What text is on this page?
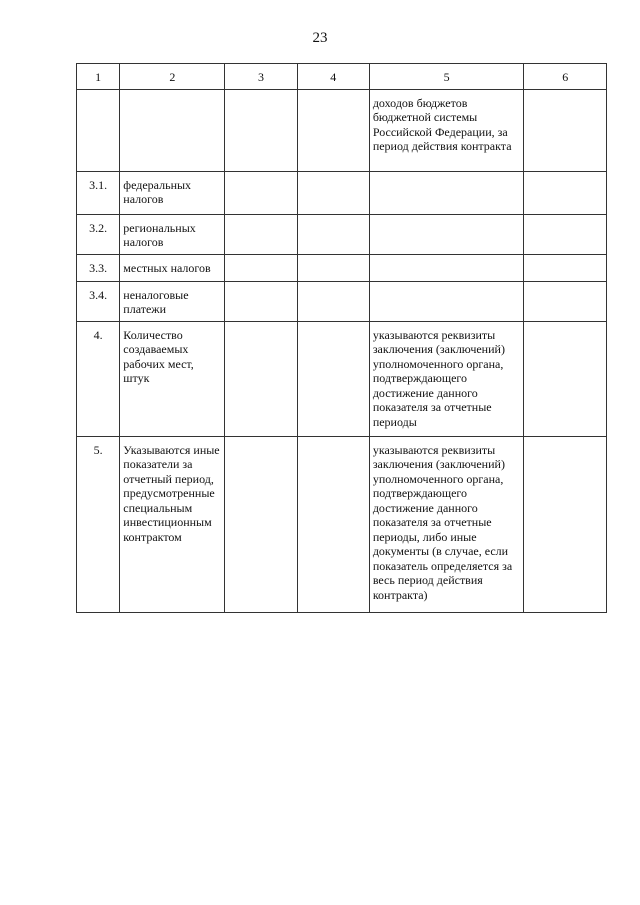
23
1	2	3	4	5	6
				доходов бюджетов бюджетной системы Российской Федерации, за период действия контракта	
3.1.	федеральных налогов				
3.2.	региональных налогов				
3.3.	местных налогов				
3.4.	неналоговые платежи				
4.	Количество создаваемых рабочих мест, штук			указываются реквизиты заключения (заключений) уполномоченного органа, подтверждающего достижение данного показателя за отчетные периоды	
5.	Указываются иные показатели за отчетный период, предусмотренные специальным инвестиционным контрактом			указываются реквизиты заключения (заключений) уполномоченного органа, подтверждающего достижение данного показателя за отчетные периоды, либо иные документы (в случае, если показатель определяется за весь период действия контракта)	
